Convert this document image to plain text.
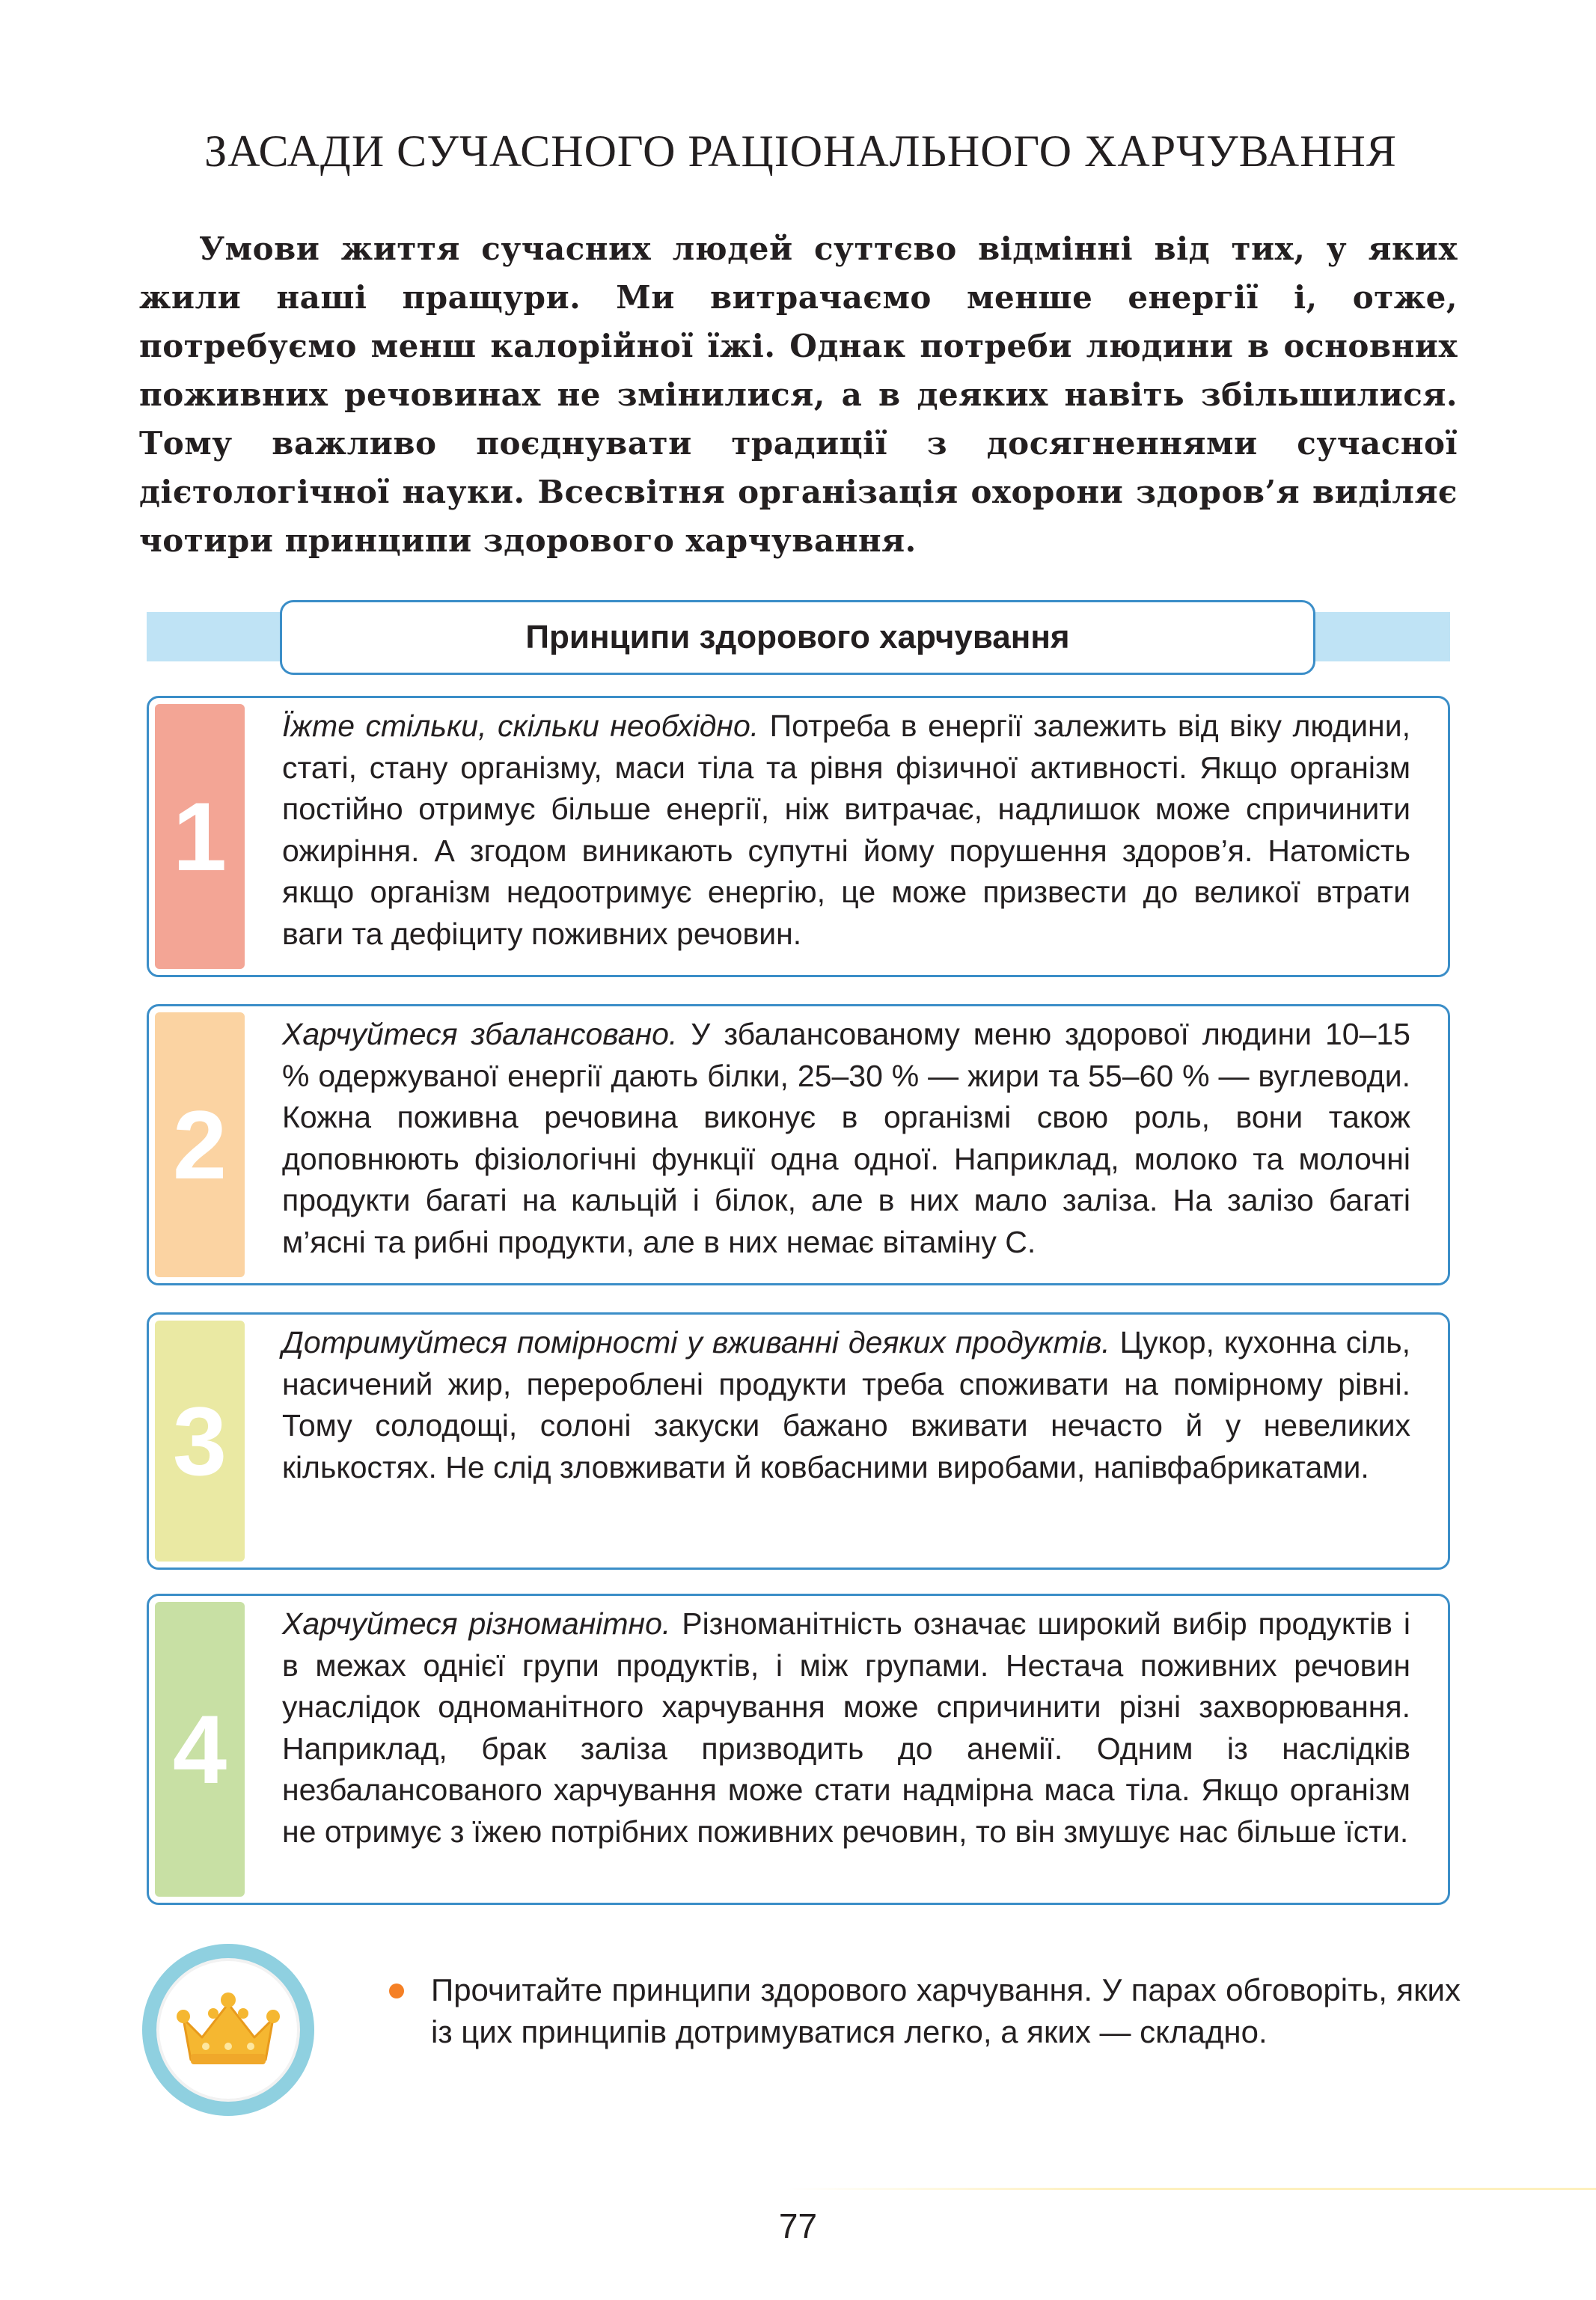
ЗАСАДИ СУЧАСНОГО РАЦІОНАЛЬНОГО ХАРЧУВАННЯ

Умови життя сучасних людей суттєво відмінні від тих, у яких жили наші пращури. Ми витрачаємо менше енергії і, отже, потребуємо менш калорійної їжі. Однак потреби людини в основних поживних речовинах не змінилися, а в деяких навіть збільшилися. Тому важливо поєднувати традиції з досягненнями сучасної дієтологічної науки. Всесвітня організація охорони здоров’я виділяє чотири принципи здорового харчування.

Принципи здорового харчування
1

Їжте стільки, скільки необхідно. Потреба в енергії залежить від віку людини, статі, стану організму, маси тіла та рівня фізичної активності. Якщо організм постійно отримує більше енергії, ніж витрачає, надлишок може спричинити ожиріння. А згодом виникають супутні йому порушення здоров’я. Натомість якщо організм недоотримує енергію, це може призвести до великої втрати ваги та дефіциту поживних речовин.

2

Харчуйтеся збалансовано. У збалансованому меню здорової людини 10–15 % одержуваної енергії дають білки, 25–30 % — жири та 55–60 % — вуглеводи. Кожна поживна речовина виконує в організмі свою роль, вони також доповнюють фізіологічні функції одна одної. Наприклад, молоко та молочні продукти багаті на кальцій і білок, але в них мало заліза. На залізо багаті м’ясні та рибні продукти, але в них немає вітаміну С.

3

Дотримуйтеся помірності у вживанні деяких продуктів. Цукор, кухонна сіль, насичений жир, перероблені продукти треба споживати на помірному рівні. Тому солодощі, солоні закуски бажано вживати нечасто й у невеликих кількостях. Не слід зловживати й ковбасними виробами, напівфабрикатами.

4

Харчуйтеся різноманітно. Різноманітність означає широкий вибір продуктів і в межах однієї групи продуктів, і між групами. Нестача поживних речовин унаслідок одноманітного харчування може спричинити різні захворювання. Наприклад, брак заліза призводить до анемії. Одним із наслідків незбалансованого харчування може стати надмірна маса тіла. Якщо організм не отримує з їжею потрібних поживних речовин, то він змушує нас більше їсти.

Прочитайте принципи здорового харчування. У парах обговоріть, яких із цих принципів дотримуватися легко, а яких — складно.

77
